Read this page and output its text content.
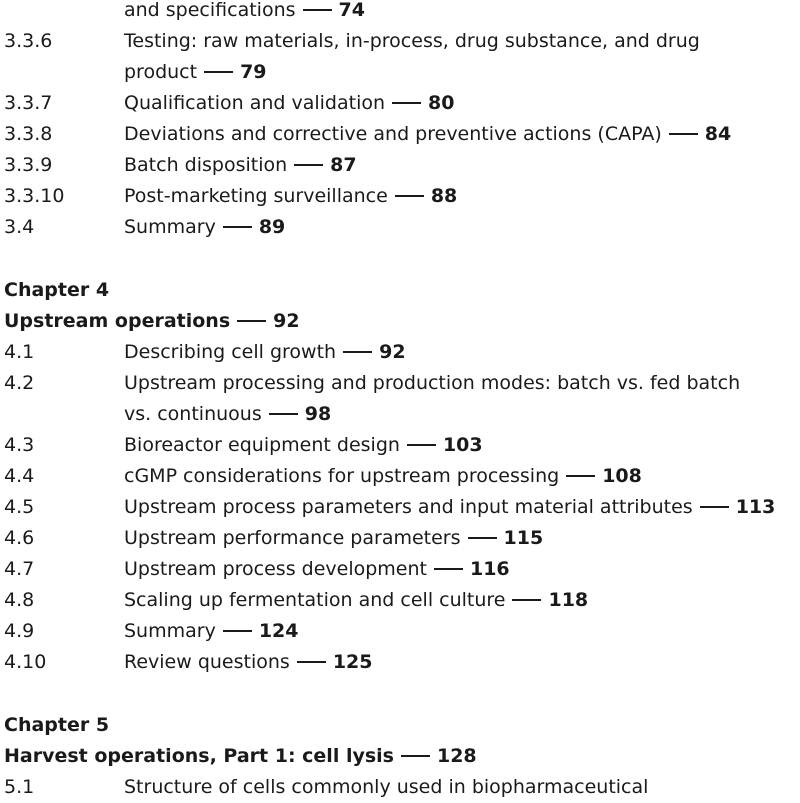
and specifications 74
3.3.6	Testing: raw materials, in-process, drug substance, and drug
product 79
3.3.7	Qualification and validation 80
3.3.8	Deviations and corrective and preventive actions (CAPA) 84
3.3.9	Batch disposition 87
3.3.10	Post-marketing surveillance 88
3.4	Summary 89
Chapter 4
Upstream operations 92
4.1	Describing cell growth 92
4.2	Upstream processing and production modes: batch vs. fed batch
vs. continuous 98
4.3	Bioreactor equipment design 103
4.4	cGMP considerations for upstream processing 108
4.5	Upstream process parameters and input material attributes 113
4.6	Upstream performance parameters 115
4.7	Upstream process development 116
4.8	Scaling up fermentation and cell culture 118
4.9	Summary 124
4.10	Review questions 125
Chapter 5
Harvest operations, Part 1: cell lysis 128
5.1	Structure of cells commonly used in biopharmaceutical
